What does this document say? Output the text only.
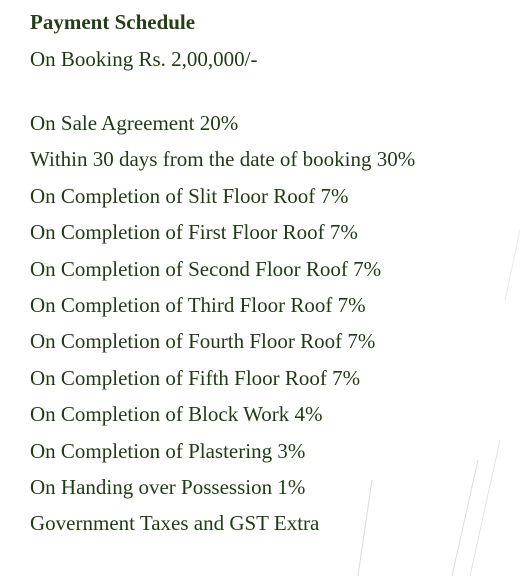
Payment Schedule
On Booking Rs. 2,00,000/-
On Sale Agreement 20%
Within 30 days from the date of booking 30%
On Completion of Slit Floor Roof 7%
On Completion of First Floor Roof 7%
On Completion of Second Floor Roof 7%
On Completion of Third Floor Roof 7%
On Completion of Fourth Floor Roof 7%
On Completion of Fifth Floor Roof 7%
On Completion of Block Work 4%
On Completion of Plastering 3%
On Handing over Possession 1%
Government Taxes and GST Extra
